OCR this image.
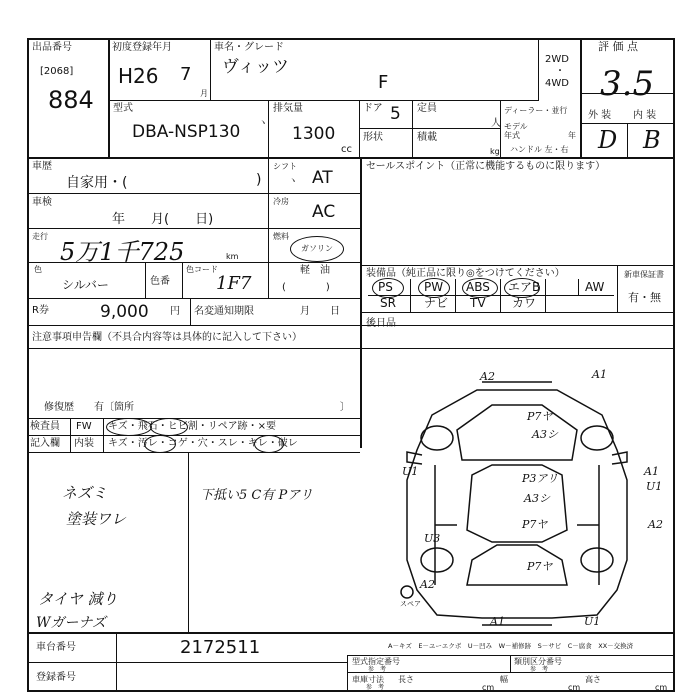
出品番号
[2068]
884
初度登録年月
H26 7
月
車名・グレード
ヴィッツ
F
2WD
・
4WD
評 価 点
3.5
外 装 内 装
D B
型式
DBA-NSP130 ヽ
排気量
1300
cc
ドア 5
形状
定員
人
積載
kg
ディーラー・並行
モデル
年式	年
ハンドル 左・右
車歴
自家用・(	)
シフト
ヽ AT
車検
年　　月(　　日)
冷房
AC
走行
5万1千725	km
燃料
ガソリン
軽　油
(　　　　)
色
シルバー	色番
色コード
1F7
R券	9,000 円 名変通知期限	月　　日
セールスポイント（正常に機能するものに限ります）
装備品（純正品に限り◎をつけてください）	新車保証書
有・無
PS	PW ABS エアB	AW
SR ナビ TV カワ
後日品
注意事項申告欄（不具合内容等は具体的に記入して下さい）
修復歴　　有〔箇所	〕
検査員 FW キズ・飛石・ヒビ割・リペア跡・×要
記入欄 内装 キズ・汚レ・コゲ・穴・スレ・キレ・破レ
ネズミ
塗装ワレ
タイヤ 減り
Wガーナズ
下抵い5 C有 Pアリ
A2	A1
P7ヤ
A3シ
U1	A1
U1
P3アリ
A3シ
P7ヤ
U3
A2
P7ヤ
A2
A1	U1
スペア
A－キズ　E－ユーエクボ　U－凹み　W－補修跡　S－サビ　C－腐食　XX－交換済
車台番号	2172511
登録番号
型式指定番号
参　考
類別区分番号
参　考
車庫寸法
参　考
長さ
cm
幅
cm
高さ
cm
